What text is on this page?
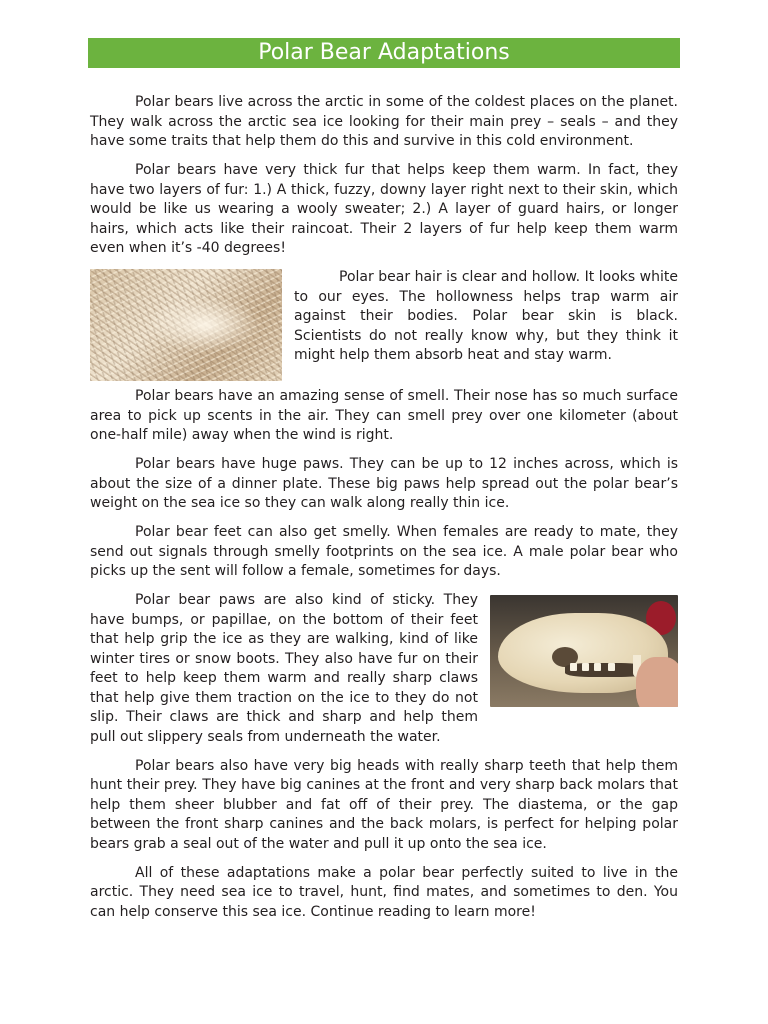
Polar Bear Adaptations

Polar bears live across the arctic in some of the coldest places on the planet. They walk across the arctic sea ice looking for their main prey – seals – and they have some traits that help them do this and survive in this cold environment.

Polar bears have very thick fur that helps keep them warm. In fact, they have two layers of fur: 1.) A thick, fuzzy, downy layer right next to their skin, which would be like us wearing a wooly sweater; 2.) A layer of guard hairs, or longer hairs, which acts like their raincoat. Their 2 layers of fur help keep them warm even when it’s -40 degrees!

Polar bear hair is clear and hollow. It looks white to our eyes. The hollowness helps trap warm air against their bodies. Polar bear skin is black. Scientists do not really know why, but they think it might help them absorb heat and stay warm.

Polar bears have an amazing sense of smell. Their nose has so much surface area to pick up scents in the air. They can smell prey over one kilometer (about one-half mile) away when the wind is right.

Polar bears have huge paws. They can be up to 12 inches across, which is about the size of a dinner plate. These big paws help spread out the polar bear’s weight on the sea ice so they can walk along really thin ice.

Polar bear feet can also get smelly. When females are ready to mate, they send out signals through smelly footprints on the sea ice. A male polar bear who picks up the sent will follow a female, sometimes for days.

Polar bear paws are also kind of sticky. They have bumps, or papillae, on the bottom of their feet that help grip the ice as they are walking, kind of like winter tires or snow boots. They also have fur on their feet to help keep them warm and really sharp claws that help give them traction on the ice to they do not slip. Their claws are thick and sharp and help them pull out slippery seals from underneath the water.

Polar bears also have very big heads with really sharp teeth that help them hunt their prey. They have big canines at the front and very sharp back molars that help them sheer blubber and fat off of their prey. The diastema, or the gap between the front sharp canines and the back molars, is perfect for helping polar bears grab a seal out of the water and pull it up onto the sea ice.

All of these adaptations make a polar bear perfectly suited to live in the arctic. They need sea ice to travel, hunt, find mates, and sometimes to den. You can help conserve this sea ice. Continue reading to learn more!
